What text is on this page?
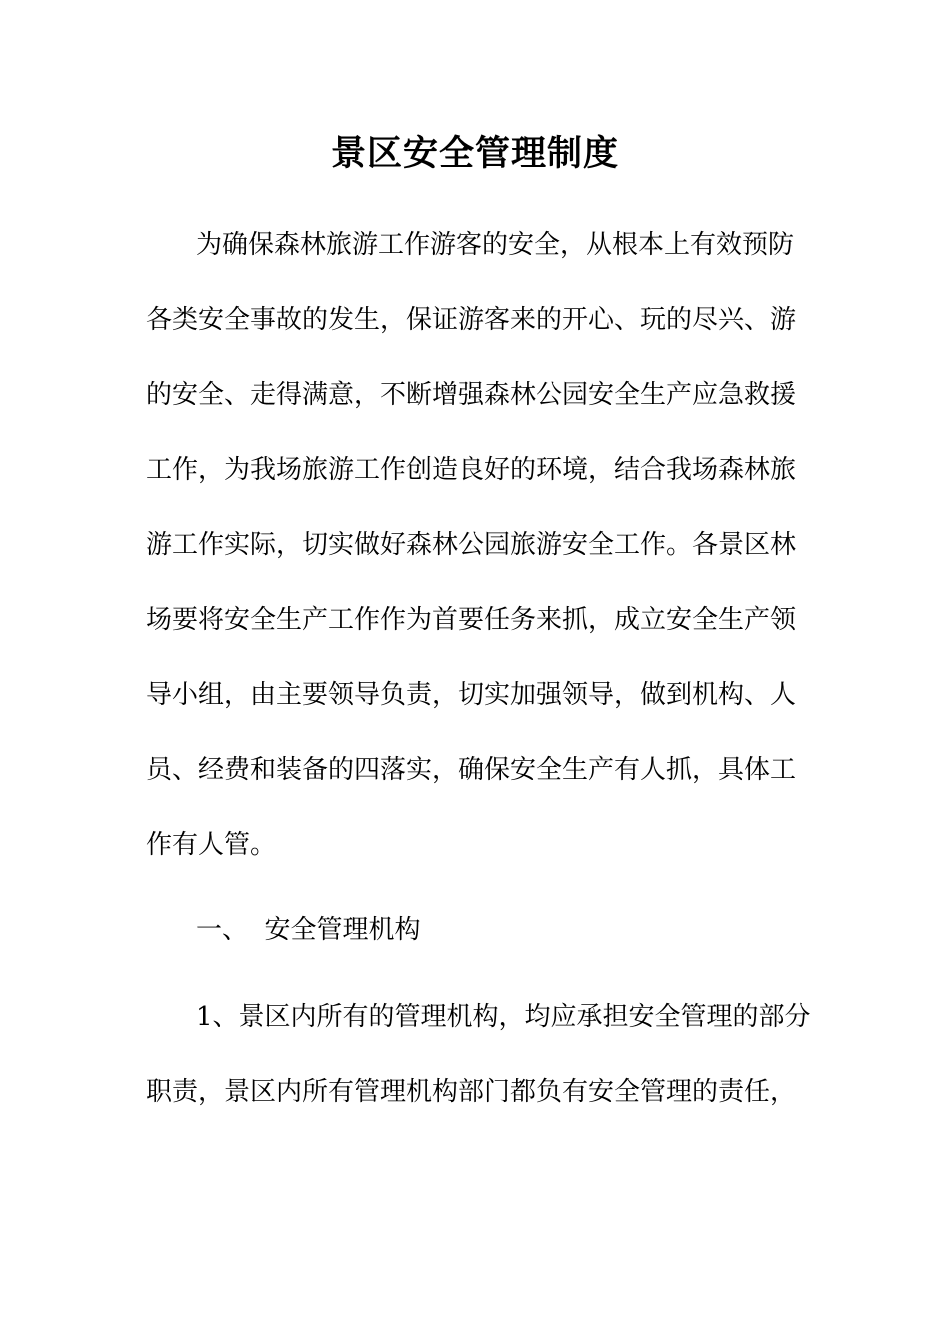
景区安全管理制度
为确保森林旅游工作游客的安全，从根本上有效预防
各类安全事故的发生，保证游客来的开心、玩的尽兴、游
的安全、走得满意，不断增强森林公园安全生产应急救援
工作，为我场旅游工作创造良好的环境，结合我场森林旅
游工作实际，切实做好森林公园旅游安全工作。各景区林
场要将安全生产工作作为首要任务来抓，成立安全生产领
导小组，由主要领导负责，切实加强领导，做到机构、人
员、经费和装备的四落实，确保安全生产有人抓，具体工
作有人管。
一、  安全管理机构
1、景区内所有的管理机构，均应承担安全管理的部分
职责，景区内所有管理机构部门都负有安全管理的责任，
